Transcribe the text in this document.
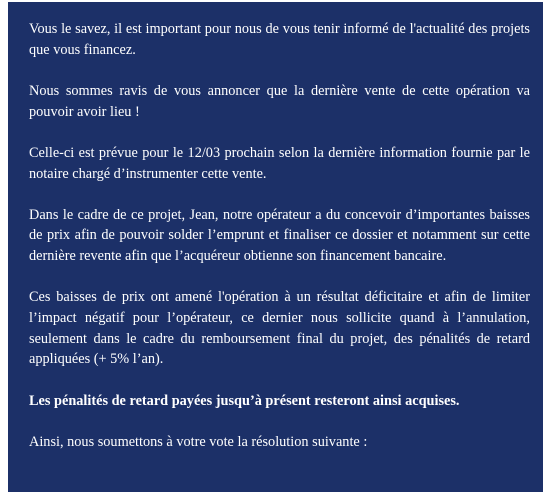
Vous le savez, il est important pour nous de vous tenir informé de l'actualité des projets que vous financez.

Nous sommes ravis de vous annoncer que la dernière vente de cette opération va pouvoir avoir lieu !

Celle-ci est prévue pour le 12/03 prochain selon la dernière information fournie par le notaire chargé d’instrumenter cette vente.

Dans le cadre de ce projet, Jean, notre opérateur a du concevoir d’importantes baisses de prix afin de pouvoir solder l’emprunt et finaliser ce dossier et notamment sur cette dernière revente afin que l’acquéreur obtienne son financement bancaire.

Ces baisses de prix ont amené l'opération à un résultat déficitaire et afin de limiter l’impact négatif pour l’opérateur, ce dernier nous sollicite quand à l’annulation, seulement dans le cadre du remboursement final du projet, des pénalités de retard appliquées (+ 5% l’an).

Les pénalités de retard payées jusqu’à présent resteront ainsi acquises.

Ainsi, nous soumettons à votre vote la résolution suivante :
